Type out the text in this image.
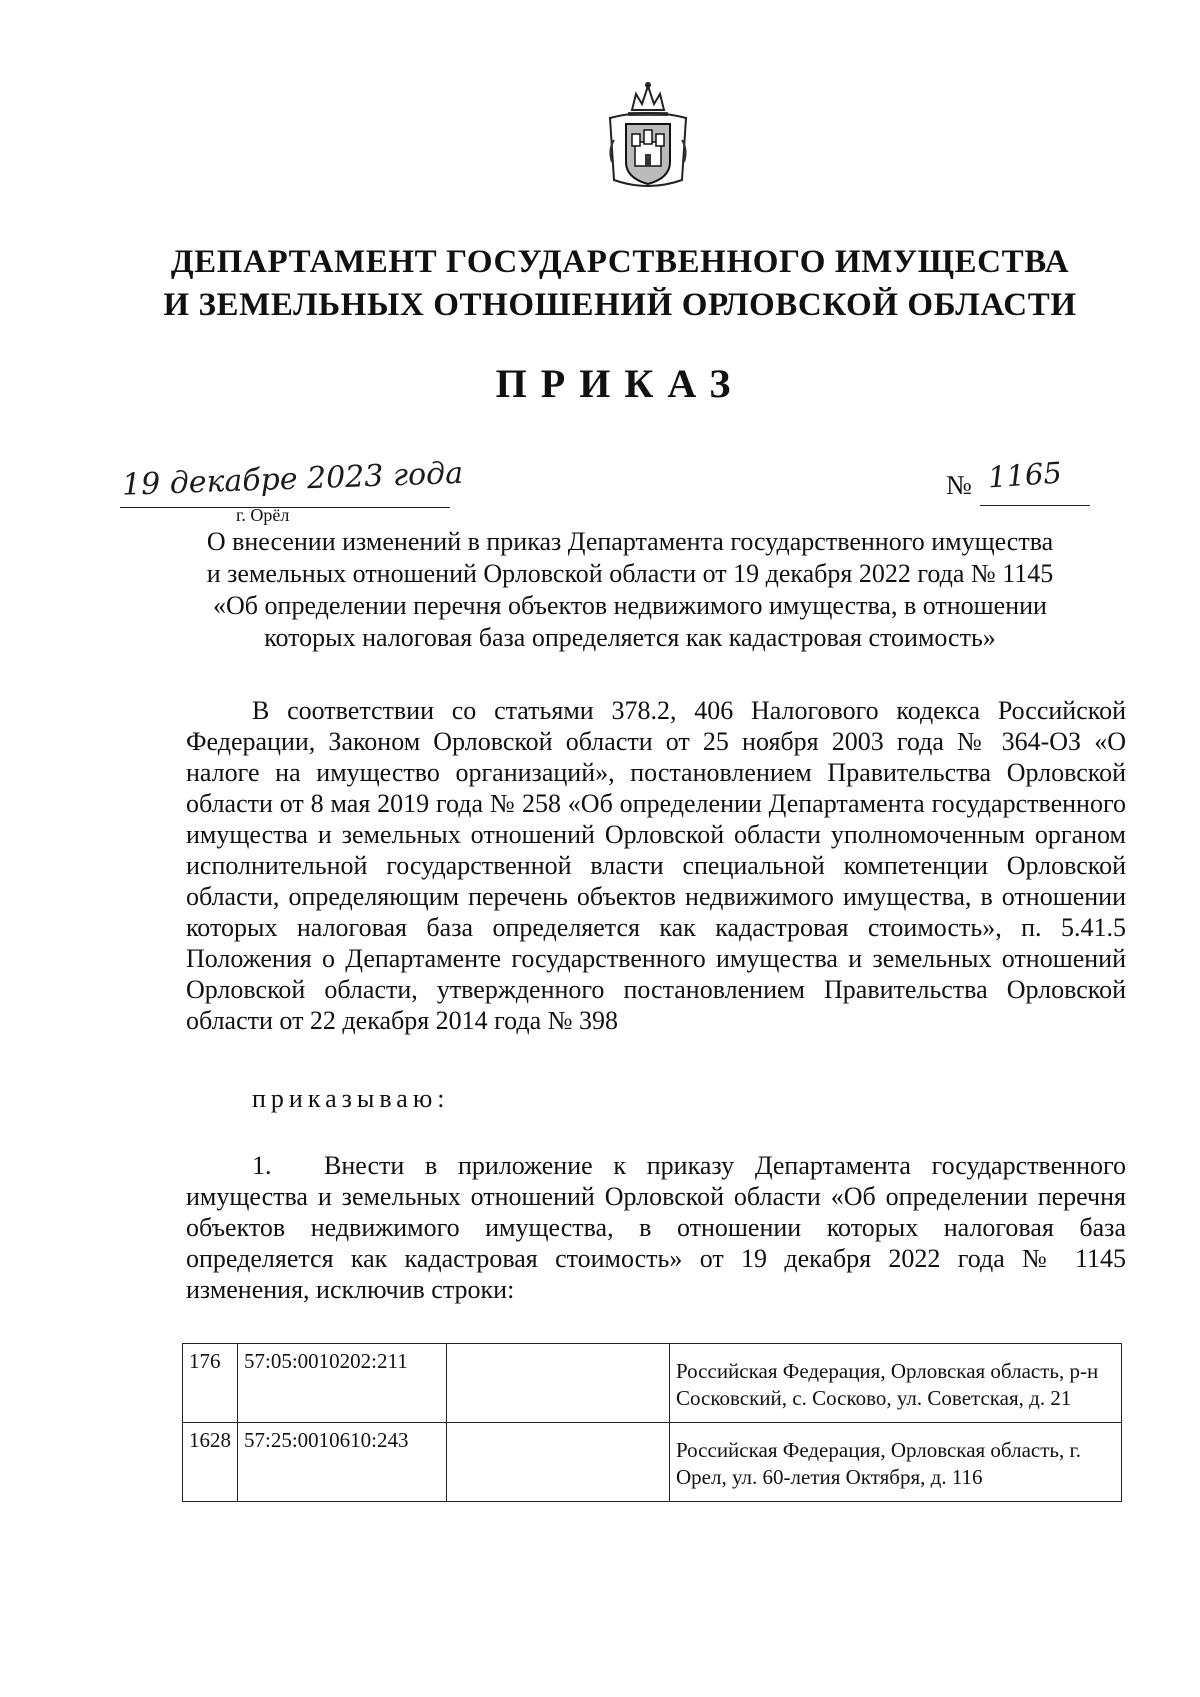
ДЕПАРТАМЕНТ ГОСУДАРСТВЕННОГО ИМУЩЕСТВА
И ЗЕМЕЛЬНЫХ ОТНОШЕНИЙ ОРЛОВСКОЙ ОБЛАСТИ
ПРИКАЗ
19 декабре 2023 года
г. Орёл
№ 1165
О внесении изменений в приказ Департамента государственного имущества
и земельных отношений Орловской области от 19 декабря 2022 года № 1145
«Об определении перечня объектов недвижимого имущества, в отношении
которых налоговая база определяется как кадастровая стоимость»
В соответствии со статьями 378.2, 406 Налогового кодекса Российской Федерации, Законом Орловской области от 25 ноября 2003 года № 364-ОЗ «О налоге на имущество организаций», постановлением Правительства Орловской области от 8 мая 2019 года № 258 «Об определении Департамента государственного имущества и земельных отношений Орловской области уполномоченным органом исполнительной государственной власти специальной компетенции Орловской области, определяющим перечень объектов недвижимого имущества, в отношении которых налоговая база определяется как кадастровая стоимость», п. 5.41.5 Положения о Департаменте государственного имущества и земельных отношений Орловской области, утвержденного постановлением Правительства Орловской области от 22 декабря 2014 года № 398
приказываю:
1. Внести в приложение к приказу Департамента государственного имущества и земельных отношений Орловской области «Об определении перечня объектов недвижимого имущества, в отношении которых налоговая база определяется как кадастровая стоимость» от 19 декабря 2022 года № 1145 изменения, исключив строки:
176	57:05:0010202:211		Российская Федерация, Орловская область, р-н Сосковский, с. Сосково, ул. Советская, д. 21
1628	57:25:0010610:243		Российская Федерация, Орловская область, г. Орел, ул. 60-летия Октября, д. 116
